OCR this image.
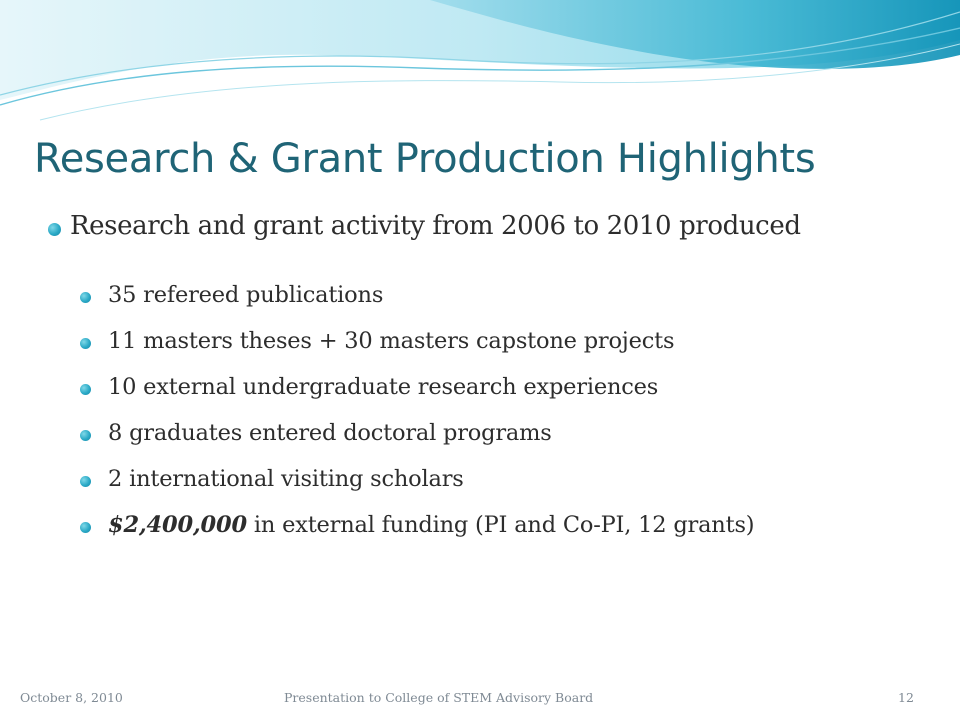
Research & Grant Production Highlights
Research and grant activity from 2006 to 2010 produced
35 refereed publications
11 masters theses + 30 masters capstone projects
10 external undergraduate research experiences
8 graduates entered doctoral programs
2 international visiting scholars
$2,400,000 in external funding (PI and Co-PI, 12 grants)
October 8, 2010	Presentation to College of STEM Advisory Board	12
